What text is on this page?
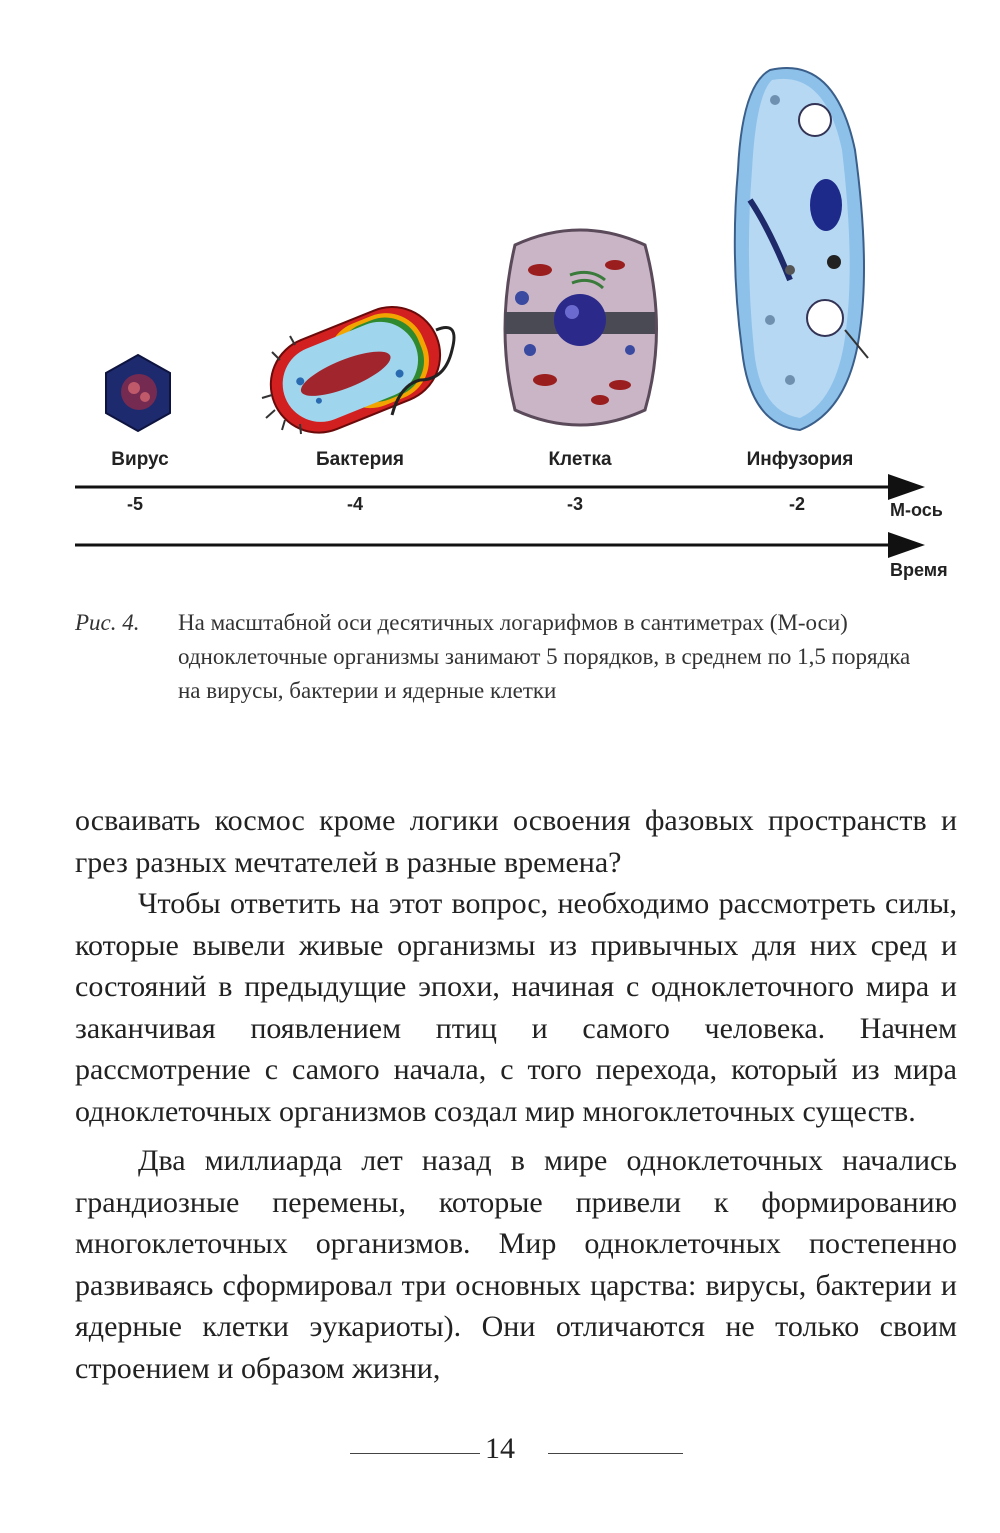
Вирус	Бактерия	Клетка	Инфузория
-5	-4	-3	-2	М-ось
Время
Рис. 4. На масштабной оси десятичных логарифмов в сантиметрах (М-оси) одноклеточные организмы занимают 5 порядков, в среднем по 1,5 порядка на вирусы, бактерии и ядерные клетки

осваивать космос кроме логики освоения фазовых пространств и грез разных мечтателей в разные времена?

Чтобы ответить на этот вопрос, необходимо рассмотреть силы, которые вывели живые организмы из привычных для них сред и состояний в предыдущие эпохи, начиная с одноклеточного мира и заканчивая появлением птиц и самого человека. Начнем рассмотрение с самого начала, с того перехода, который из мира одноклеточных организмов создал мир многоклеточных существ.

Два миллиарда лет назад в мире одноклеточных начались грандиозные перемены, которые привели к формированию многоклеточных организмов. Мир одноклеточных постепенно развиваясь сформировал три основных царства: вирусы, бактерии и ядерные клетки эукариоты). Они отличаются не только своим строением и образом жизни,

14
